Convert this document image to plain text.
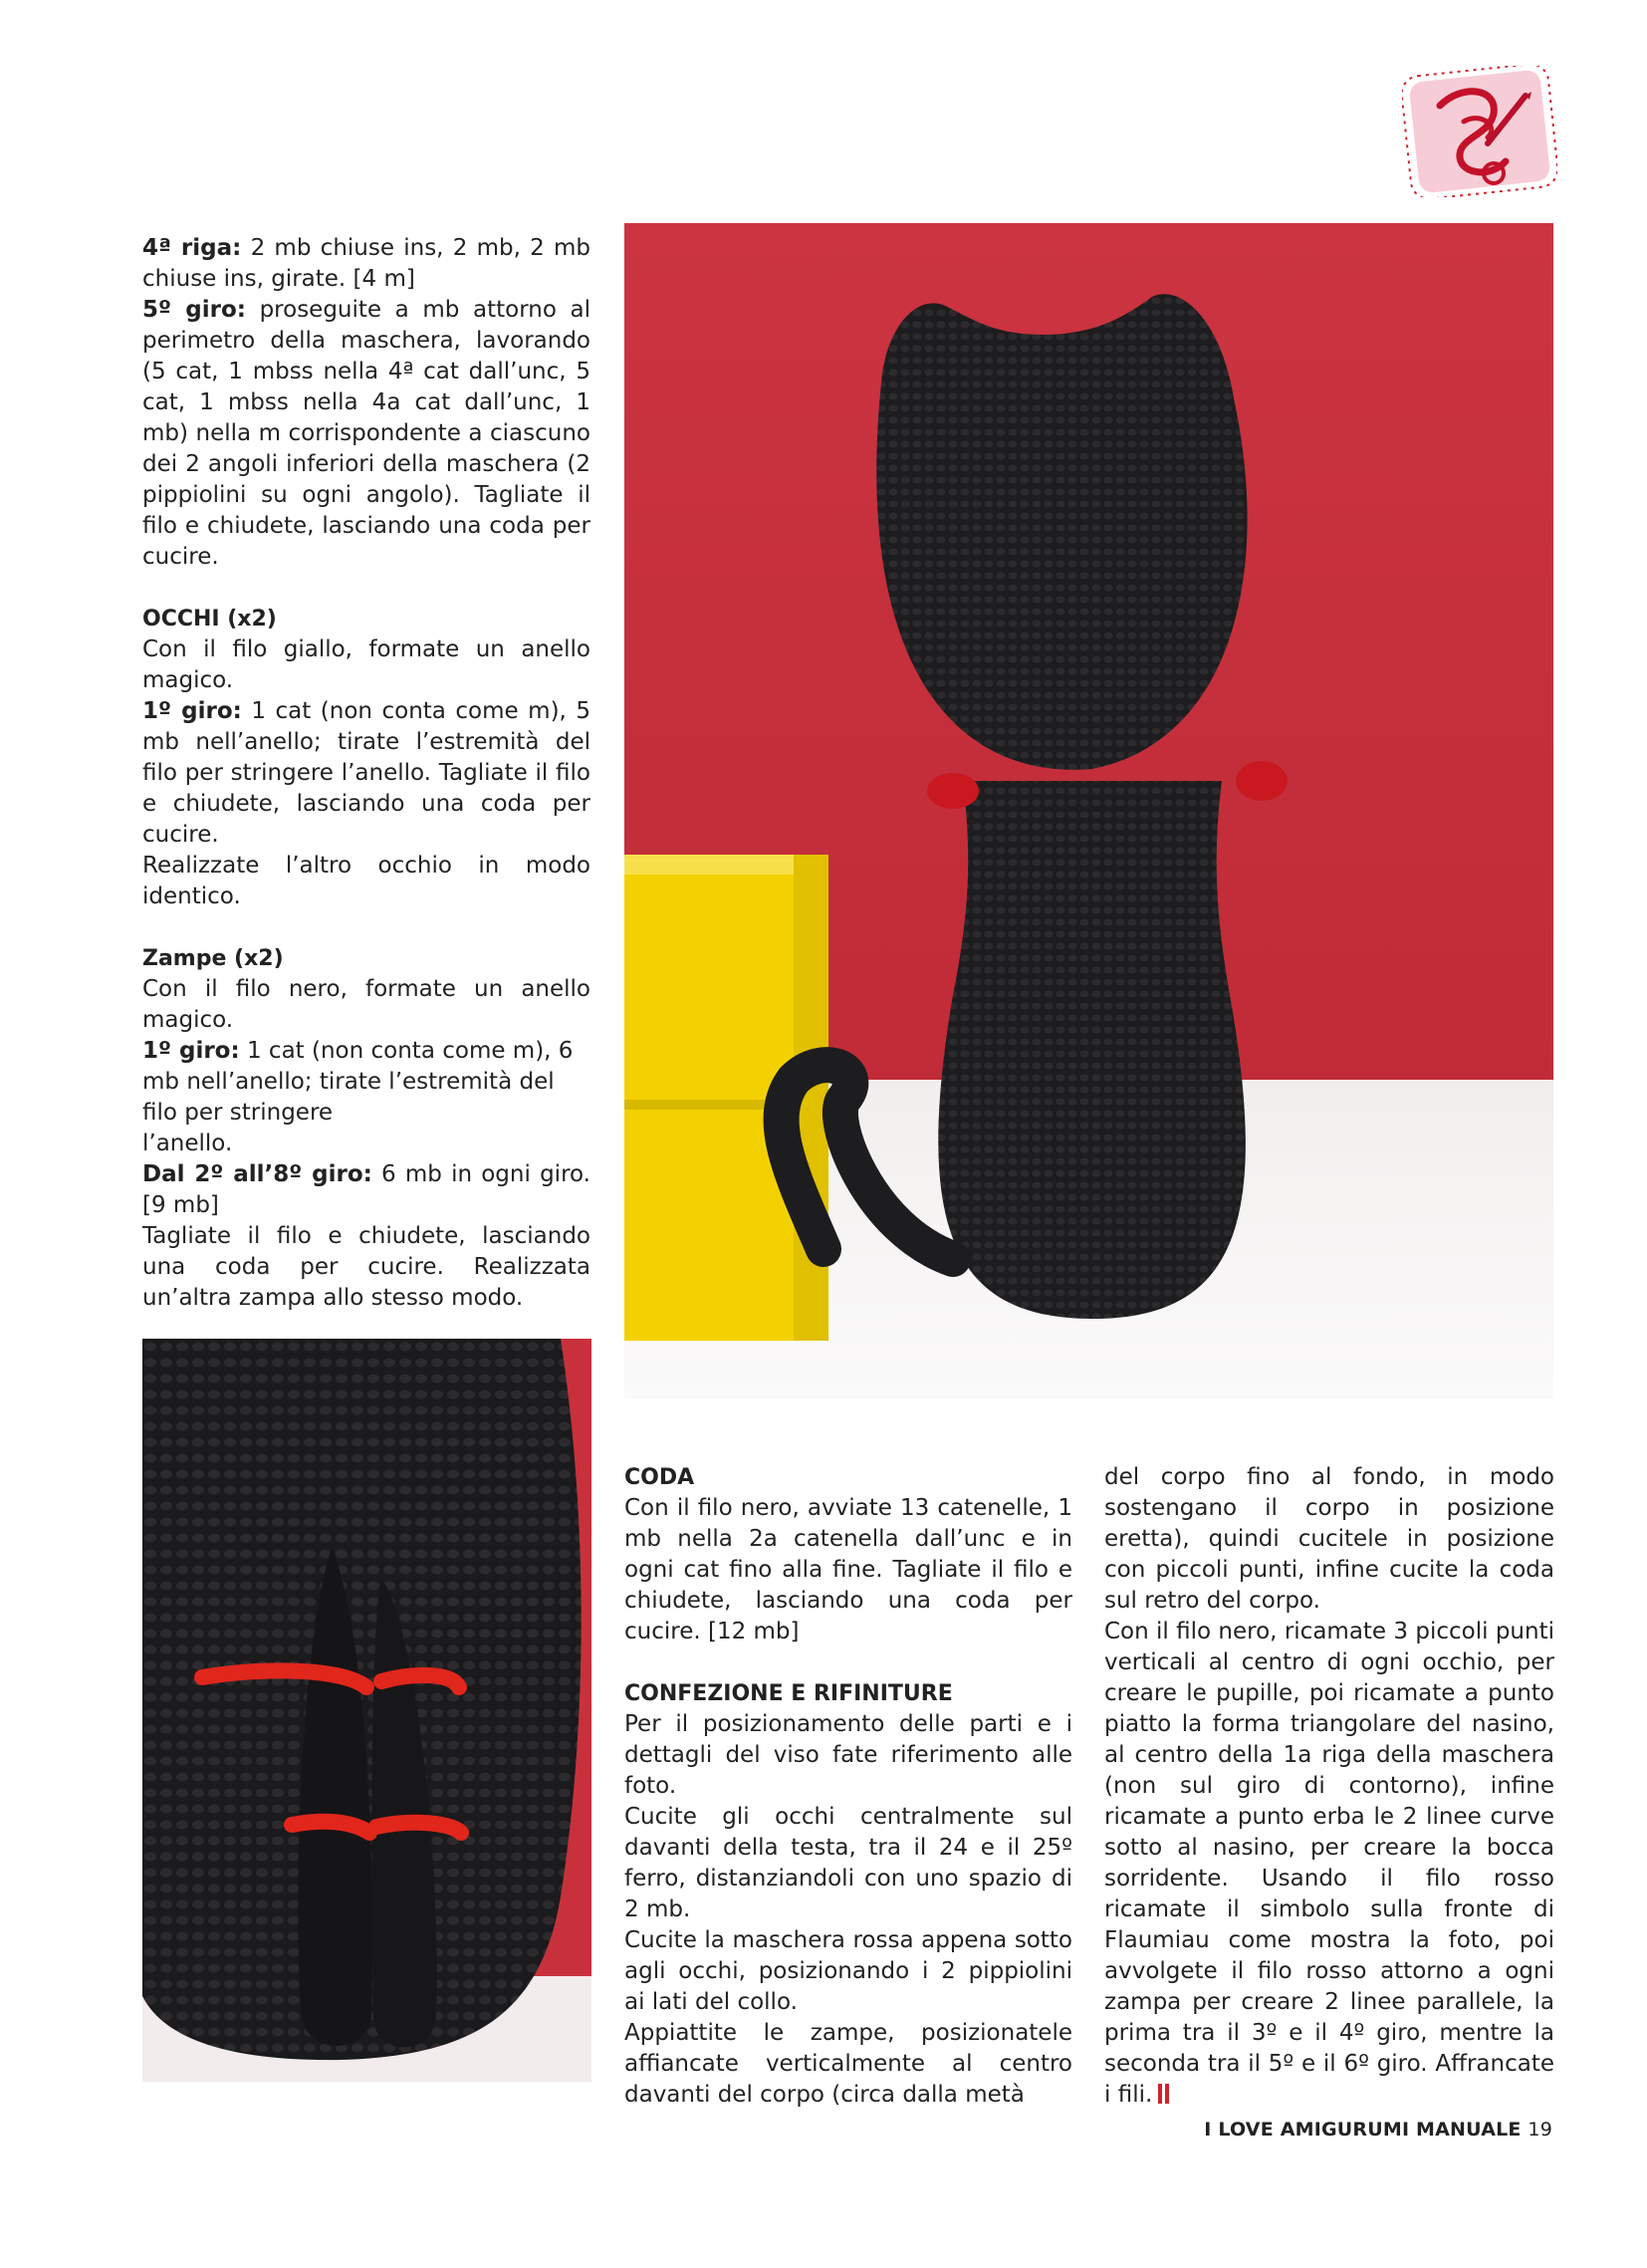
4ª riga: 2 mb chiuse ins, 2 mb, 2 mb chiuse ins, girate. [4 m]

5º giro: proseguite a mb attorno al perimetro della maschera, lavorando (5 cat, 1 mbss nella 4ª cat dall’unc, 5 cat, 1 mbss nella 4a cat dall’unc, 1 mb) nella m corrispondente a ciascuno dei 2 angoli inferiori della maschera (2 pippiolini su ogni angolo). Tagliate il filo e chiudete, lasciando una coda per cucire.

OCCHI (x2)

Con il filo giallo, formate un anello magico.

1º giro: 1 cat (non conta come m), 5 mb nell’anello; tirate l’estremità del filo per stringere l’anello. Tagliate il filo e chiudete, lasciando una coda per cucire.

Realizzate l’altro occhio in modo identico.

Zampe (x2)

Con il filo nero, formate un anello magico.

1º giro: 1 cat (non conta come m), 6 mb nell’anello; tirate l’estremità del filo per stringere

l’anello.

Dal 2º all’8º giro: 6 mb in ogni giro. [9 mb]

Tagliate il filo e chiudete, lasciando una coda per cucire. Realizzata un’altra zampa allo stesso modo.

CODA

Con il filo nero, avviate 13 catenelle, 1 mb nella 2a catenella dall’unc e in ogni cat fino alla fine. Tagliate il filo e chiudete, lasciando una coda per cucire. [12 mb]

CONFEZIONE E RIFINITURE

Per il posizionamento delle parti e i dettagli del viso fate riferimento alle foto.

Cucite gli occhi centralmente sul davanti della testa, tra il 24 e il 25º ferro, distanziandoli con uno spazio di 2 mb.

Cucite la maschera rossa appena sotto agli occhi, posizionando i 2 pippiolini ai lati del collo.

Appiattite le zampe, posizionatele affiancate verticalmente al centro davanti del corpo (circa dalla metà

del corpo fino al fondo, in modo sostengano il corpo in posizione eretta), quindi cucitele in posizione con piccoli punti, infine cucite la coda sul retro del corpo.

Con il filo nero, ricamate 3 piccoli punti verticali al centro di ogni occhio, per creare le pupille, poi ricamate a punto piatto la forma triangolare del nasino, al centro della 1a riga della maschera (non sul giro di contorno), infine ricamate a punto erba le 2 linee curve sotto al nasino, per creare la bocca sorridente. Usando il filo rosso ricamate il simbolo sulla fronte di Flaumiau come mostra la foto, poi avvolgete il filo rosso attorno a ogni zampa per creare 2 linee parallele, la prima tra il 3º e il 4º giro, mentre la seconda tra il 5º e il 6º giro. Affrancate i fili.

I LOVE AMIGURUMI MANUALE 19
